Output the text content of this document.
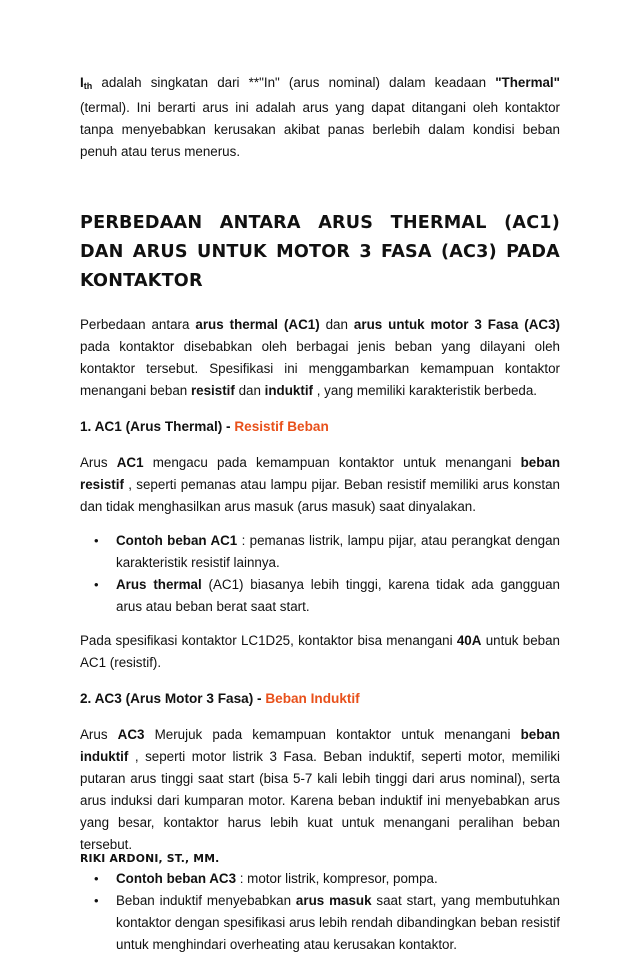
$I_{th}$ adalah singkatan dari **"In" (arus nominal) dalam keadaan "Thermal" (termal). Ini berarti arus ini adalah arus yang dapat ditangani oleh kontaktor tanpa menyebabkan kerusakan akibat panas berlebih dalam kondisi beban penuh atau terus menerus.

PERBEDAAN ANTARA ARUS THERMAL (AC1) DAN ARUS UNTUK MOTOR 3 FASA (AC3) PADA KONTAKTOR

Perbedaan antara arus thermal (AC1) dan arus untuk motor 3 Fasa (AC3) pada kontaktor disebabkan oleh berbagai jenis beban yang dilayani oleh kontaktor tersebut. Spesifikasi ini menggambarkan kemampuan kontaktor menangani beban resistif dan induktif , yang memiliki karakteristik berbeda.

1. AC1 (Arus Thermal) - Resistif Beban

Arus AC1 mengacu pada kemampuan kontaktor untuk menangani beban resistif , seperti pemanas atau lampu pijar. Beban resistif memiliki arus konstan dan tidak menghasilkan arus masuk (arus masuk) saat dinyalakan.

• Contoh beban AC1 : pemanas listrik, lampu pijar, atau perangkat dengan karakteristik resistif lainnya.
• Arus thermal (AC1) biasanya lebih tinggi, karena tidak ada gangguan arus atau beban berat saat start.

Pada spesifikasi kontaktor LC1D25, kontaktor bisa menangani 40A untuk beban AC1 (resistif).

2. AC3 (Arus Motor 3 Fasa) - Beban Induktif

Arus AC3 Merujuk pada kemampuan kontaktor untuk menangani beban induktif , seperti motor listrik 3 Fasa. Beban induktif, seperti motor, memiliki putaran arus tinggi saat start (bisa 5-7 kali lebih tinggi dari arus nominal), serta arus induksi dari kumparan motor. Karena beban induktif ini menyebabkan arus yang besar, kontaktor harus lebih kuat untuk menangani peralihan beban tersebut.

• Contoh beban AC3 : motor listrik, kompresor, pompa.
• Beban induktif menyebabkan arus masuk saat start, yang membutuhkan kontaktor dengan spesifikasi arus lebih rendah dibandingkan beban resistif untuk menghindari overheating atau kerusakan kontaktor.
RIKI ARDONI, ST., MM.
